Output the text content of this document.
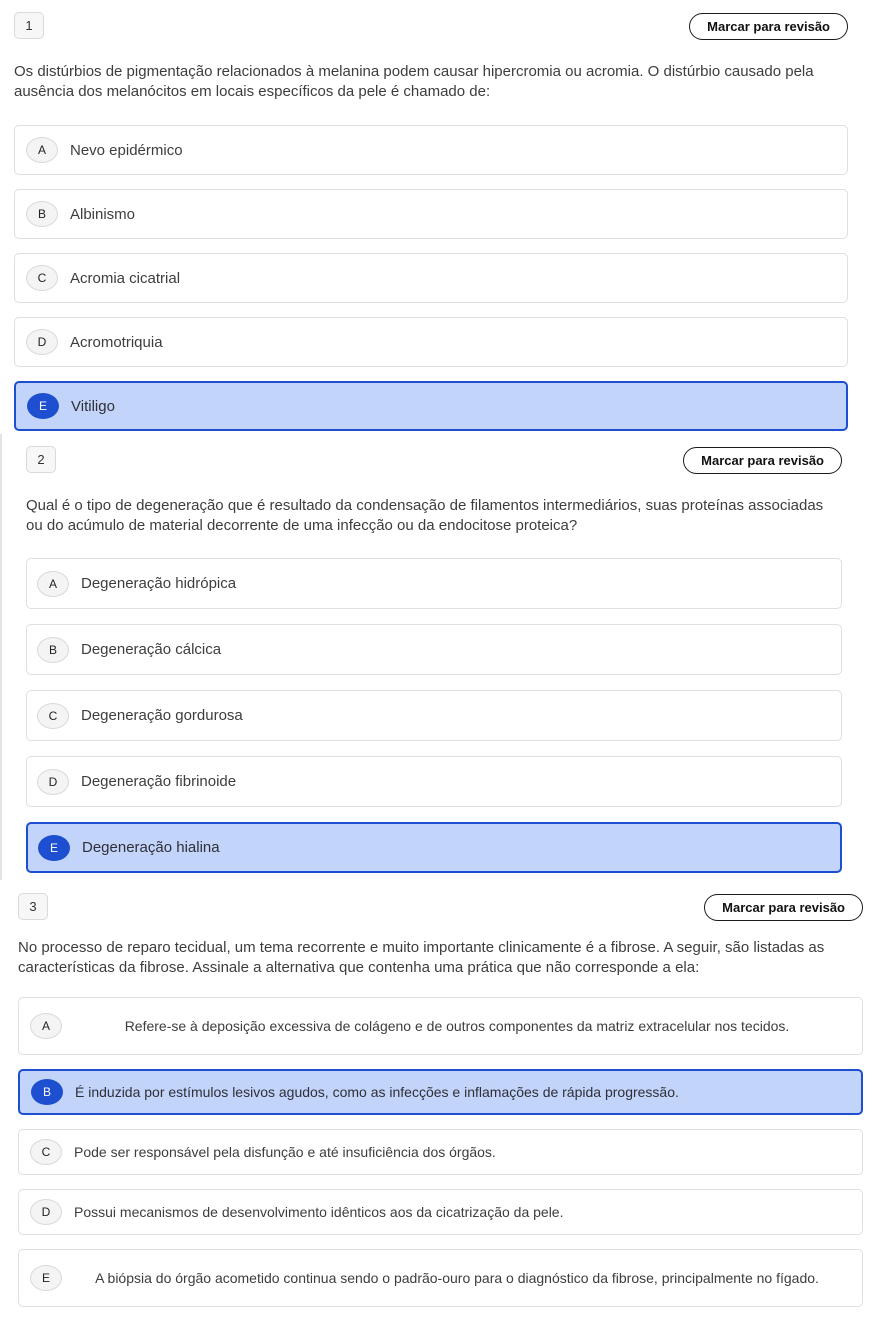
1	Marcar para revisão

Os distúrbios de pigmentação relacionados à melanina podem causar hipercromia ou acromia. O distúrbio causado pela ausência dos melanócitos em locais específicos da pele é chamado de:

A	Nevo epidérmico
B	Albinismo
C	Acromia cicatrial
D	Acromotriquia
E	Vitiligo
2	Marcar para revisão

Qual é o tipo de degeneração que é resultado da condensação de filamentos intermediários, suas proteínas associadas ou do acúmulo de material decorrente de uma infecção ou da endocitose proteica?

A	Degeneração hidrópica
B	Degeneração cálcica
C	Degeneração gordurosa
D	Degeneração fibrinoide
E	Degeneração hialina
3	Marcar para revisão

No processo de reparo tecidual, um tema recorrente e muito importante clinicamente é a fibrose. A seguir, são listadas as características da fibrose. Assinale a alternativa que contenha uma prática que não corresponde a ela:

A	Refere-se à deposição excessiva de colágeno e de outros componentes da matriz extracelular nos tecidos.
B	É induzida por estímulos lesivos agudos, como as infecções e inflamações de rápida progressão.
C	Pode ser responsável pela disfunção e até insuficiência dos órgãos.
D	Possui mecanismos de desenvolvimento idênticos aos da cicatrização da pele.
E	A biópsia do órgão acometido continua sendo o padrão-ouro para o diagnóstico da fibrose, principalmente no fígado.
